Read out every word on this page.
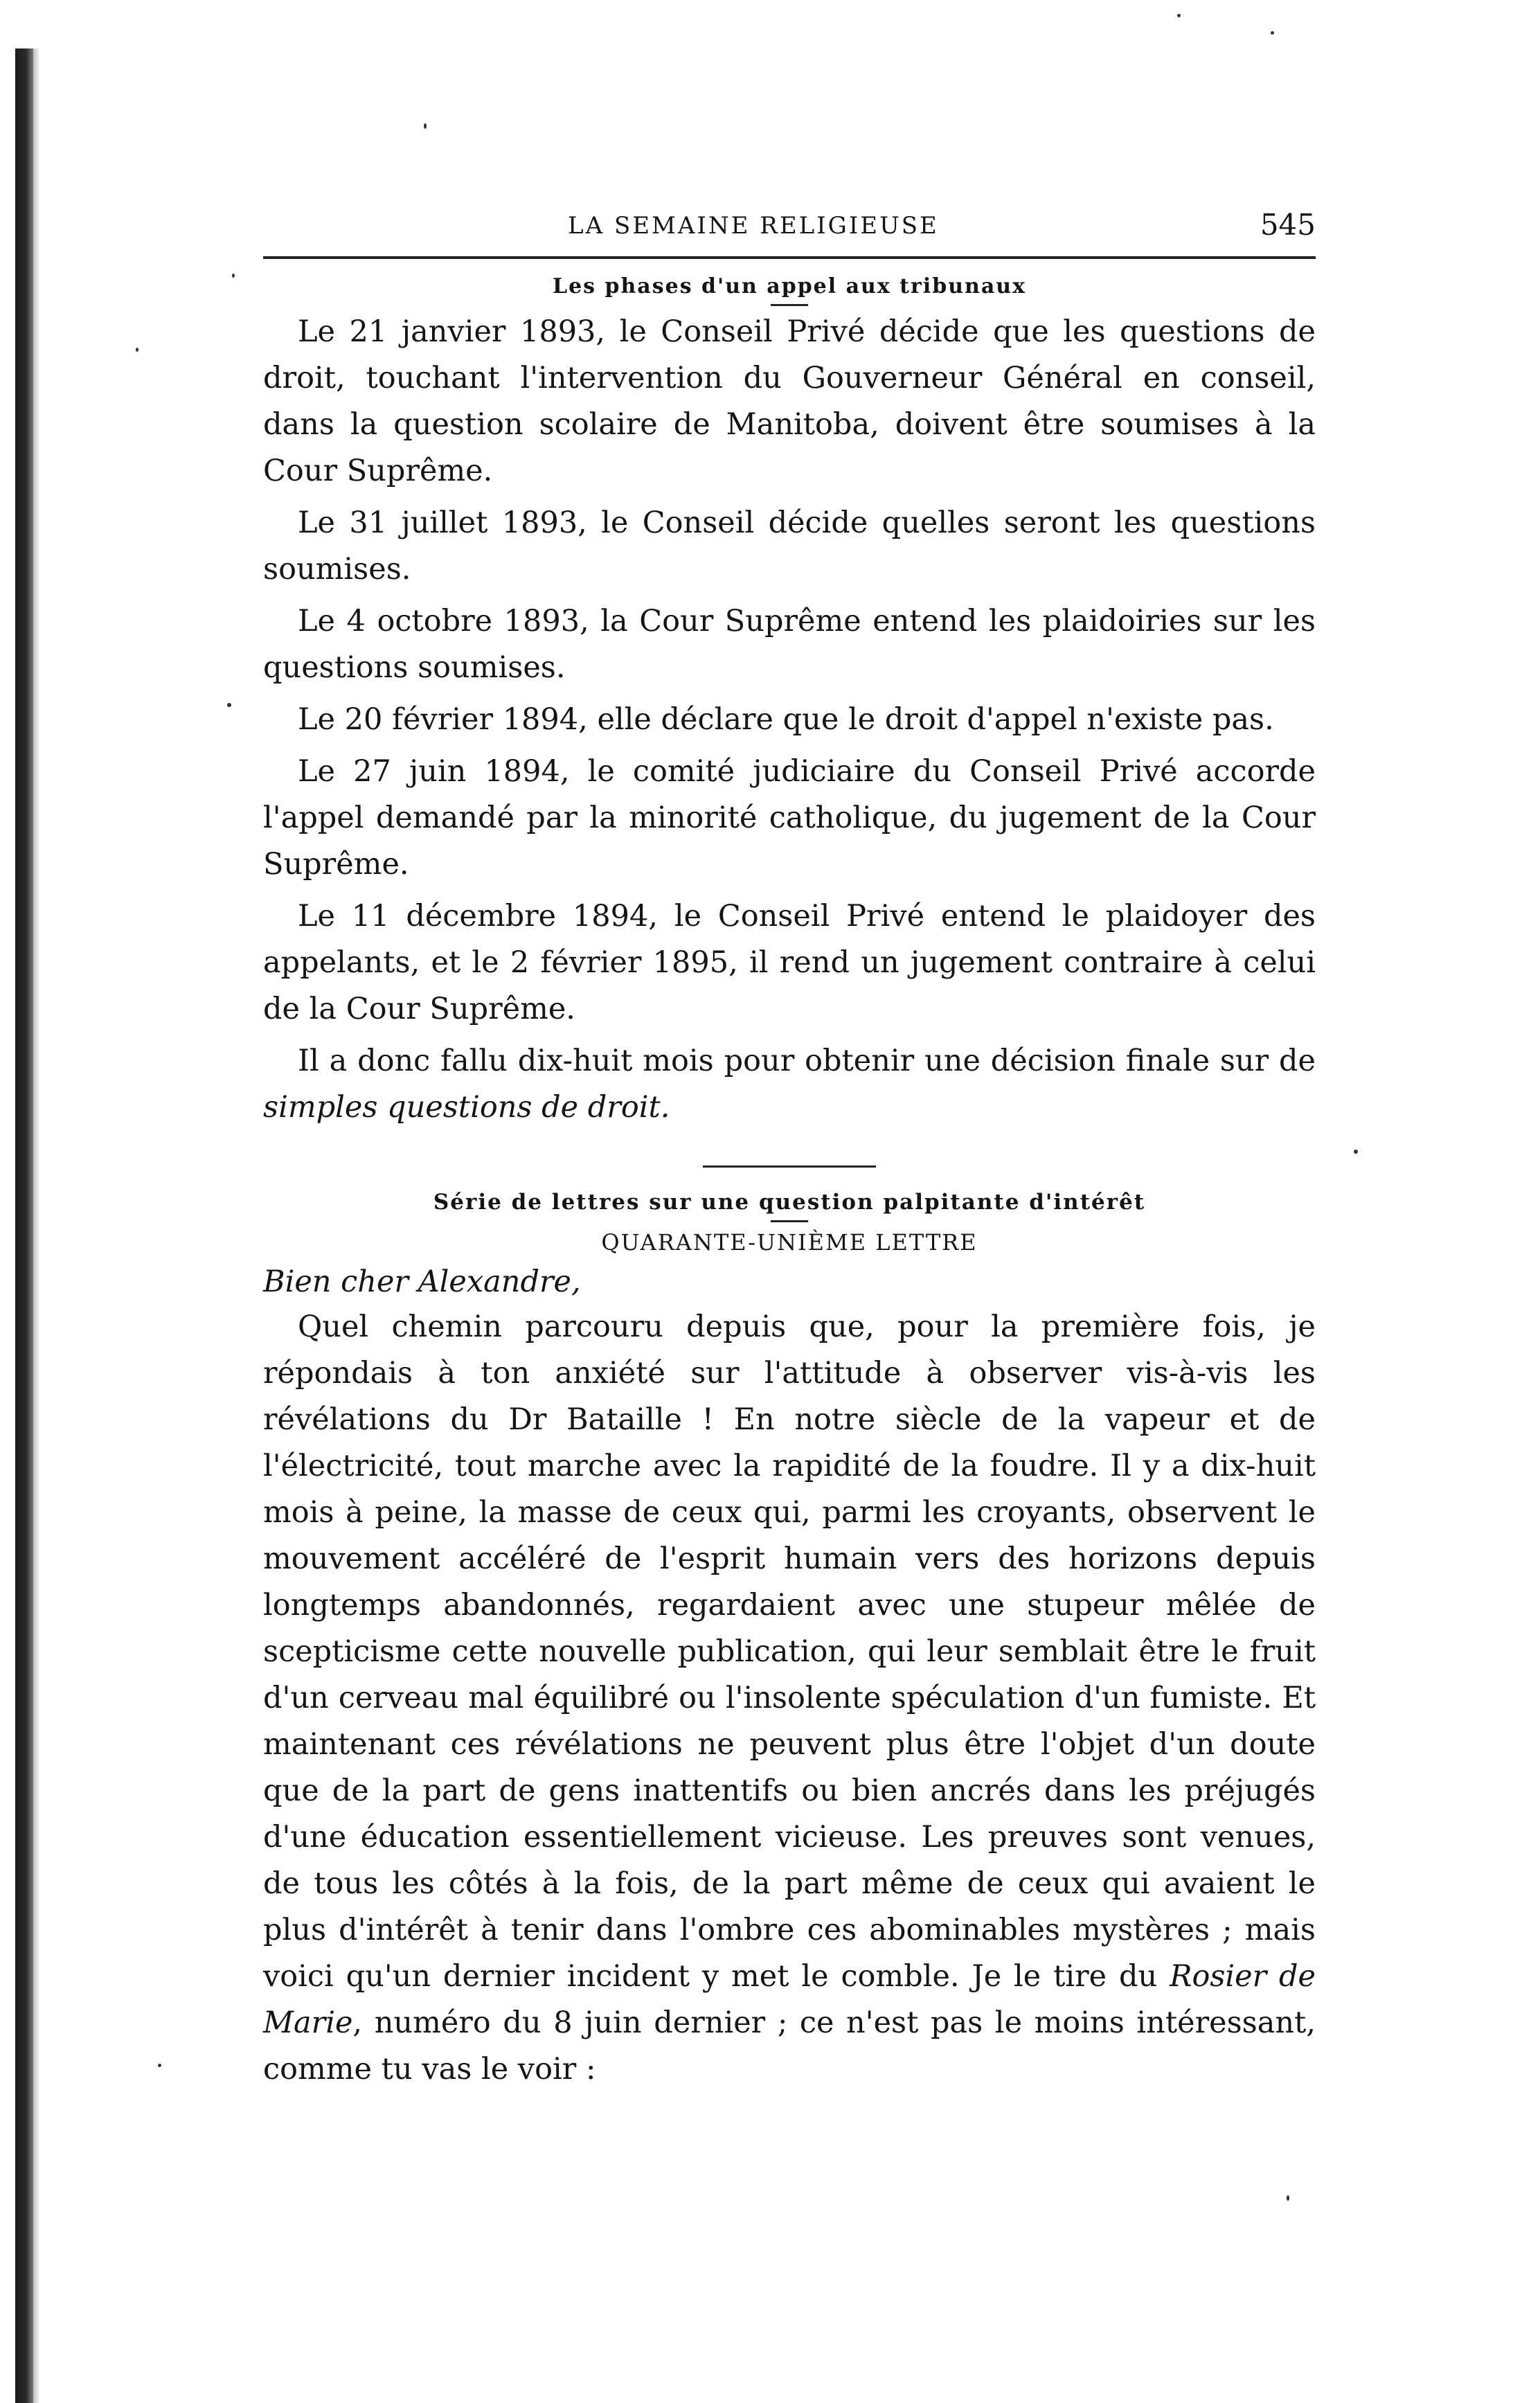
LA SEMAINE RELIGIEUSE	545
Les phases d'un appel aux tribunaux

Le 21 janvier 1893, le Conseil Privé décide que les questions de droit, touchant l'intervention du Gouverneur Général en conseil, dans la question scolaire de Manitoba, doivent être soumises à la Cour Suprême.

Le 31 juillet 1893, le Conseil décide quelles seront les questions soumises.

Le 4 octobre 1893, la Cour Suprême entend les plaidoiries sur les questions soumises.

Le 20 février 1894, elle déclare que le droit d'appel n'existe pas.

Le 27 juin 1894, le comité judiciaire du Conseil Privé accorde l'appel demandé par la minorité catholique, du jugement de la Cour Suprême.

Le 11 décembre 1894, le Conseil Privé entend le plaidoyer des appelants, et le 2 février 1895, il rend un jugement contraire à celui de la Cour Suprême.

Il a donc fallu dix-huit mois pour obtenir une décision finale sur de simples questions de droit.

Série de lettres sur une question palpitante d'intérêt
QUARANTE-UNIÈME LETTRE
Bien cher Alexandre,

Quel chemin parcouru depuis que, pour la première fois, je répondais à ton anxiété sur l'attitude à observer vis-à-vis les révélations du Dr Bataille ! En notre siècle de la vapeur et de l'électricité, tout marche avec la rapidité de la foudre. Il y a dix-huit mois à peine, la masse de ceux qui, parmi les croyants, observent le mouvement accéléré de l'esprit humain vers des horizons depuis longtemps abandonnés, regardaient avec une stupeur mêlée de scepticisme cette nouvelle publication, qui leur semblait être le fruit d'un cerveau mal équilibré ou l'insolente spéculation d'un fumiste. Et maintenant ces révélations ne peuvent plus être l'objet d'un doute que de la part de gens inattentifs ou bien ancrés dans les préjugés d'une éducation essentiellement vicieuse. Les preuves sont venues, de tous les côtés à la fois, de la part même de ceux qui avaient le plus d'intérêt à tenir dans l'ombre ces abominables mystères ; mais voici qu'un dernier incident y met le comble. Je le tire du Rosier de Marie, numéro du 8 juin dernier ; ce n'est pas le moins intéressant, comme tu vas le voir :
